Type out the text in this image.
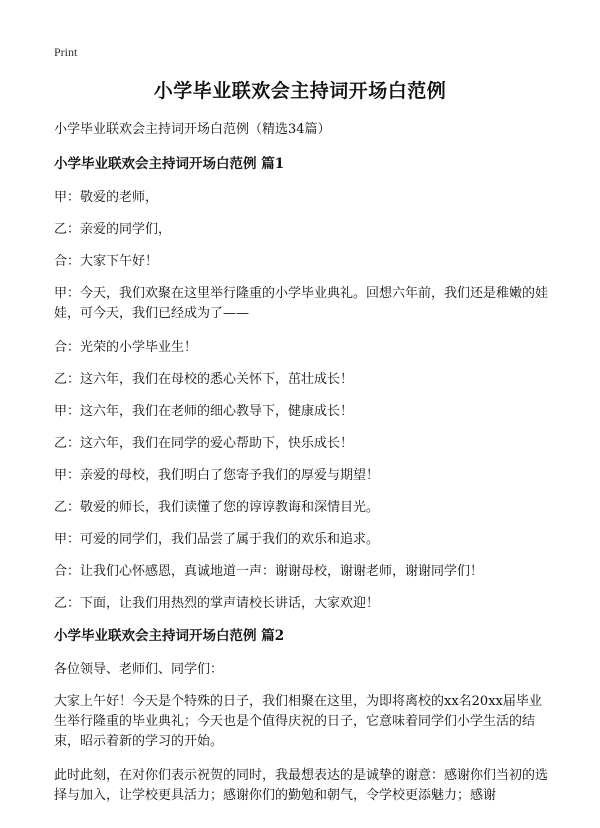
Print
小学毕业联欢会主持词开场白范例
小学毕业联欢会主持词开场白范例（精选34篇）
小学毕业联欢会主持词开场白范例 篇1
甲：敬爱的老师，
乙：亲爱的同学们，
合：大家下午好！
甲：今天，我们欢聚在这里举行隆重的小学毕业典礼。回想六年前，我们还是稚嫩的娃娃，可今天，我们已经成为了——
合：光荣的小学毕业生！
乙：这六年，我们在母校的悉心关怀下，茁壮成长！
甲：这六年，我们在老师的细心教导下，健康成长！
乙：这六年，我们在同学的爱心帮助下，快乐成长！
甲：亲爱的母校，我们明白了您寄予我们的厚爱与期望！
乙：敬爱的师长，我们读懂了您的谆谆教诲和深情目光。
甲：可爱的同学们，我们品尝了属于我们的欢乐和追求。
合：让我们心怀感恩，真诚地道一声：谢谢母校，谢谢老师，谢谢同学们！
乙：下面，让我们用热烈的掌声请校长讲话，大家欢迎！
小学毕业联欢会主持词开场白范例 篇2
各位领导、老师们、同学们：
大家上午好！今天是个特殊的日子，我们相聚在这里，为即将离校的xx名20xx届毕业生举行隆重的毕业典礼；今天也是个值得庆祝的日子，它意味着同学们小学生活的结束，昭示着新的学习的开始。
此时此刻，在对你们表示祝贺的同时，我最想表达的是诚挚的谢意：感谢你们当初的选择与加入，让学校更具活力；感谢你们的勤勉和朝气，令学校更添魅力；感谢
